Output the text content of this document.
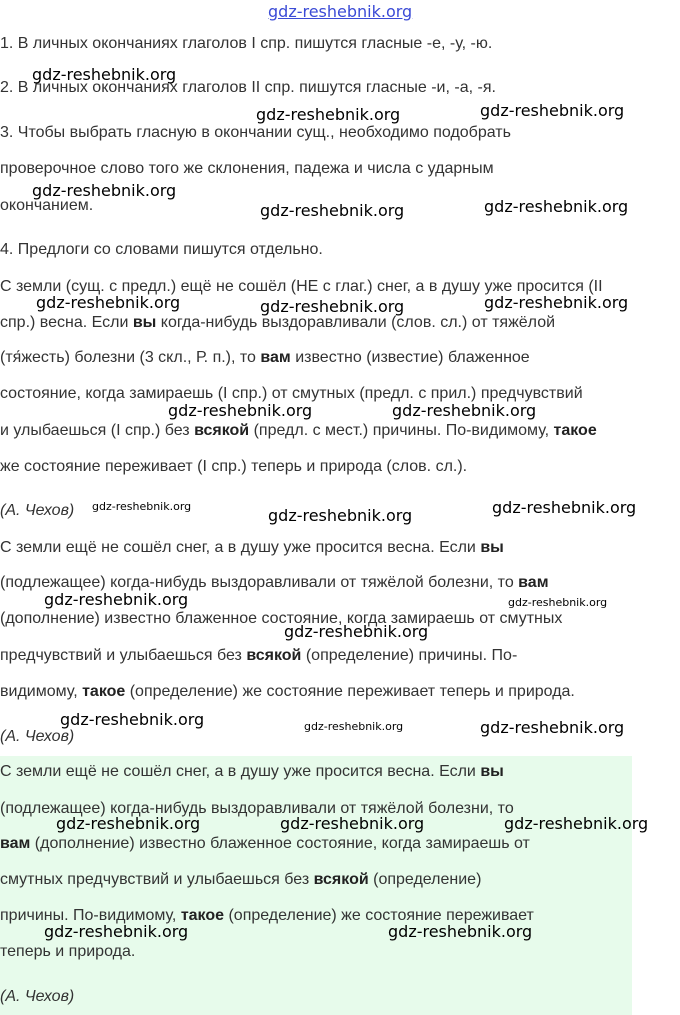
gdz-reshebnik.org
1. В личных окончаниях глаголов I спр. пишутся гласные -е, -у, -ю.
2. В личных окончаниях глаголов II спр. пишутся гласные -и, -а, -я.
3. Чтобы выбрать гласную в окончании сущ., необходимо подобрать
проверочное слово того же склонения, падежа и числа с ударным
окончанием.
4. Предлоги со словами пишутся отдельно.
С земли (сущ. с предл.) ещё не сошёл (НЕ с глаг.) снег, а в душу уже просится (II
спр.) весна. Если вы когда-нибудь выздоравливали (слов. сл.) от тяжёлой
(тя́жесть) болезни (3 скл., Р. п.), то вам известно (известие) блаженное
состояние, когда замираешь (I спр.) от смутных (предл. с прил.) предчувствий
и улыбаешься (I спр.) без всякой (предл. с мест.) причины. По-видимому, такое
же состояние переживает (I спр.) теперь и природа (слов. сл.).
(А. Чехов)
С земли ещё не сошёл снег, а в душу уже просится весна. Если вы
(подлежащее) когда-нибудь выздоравливали от тяжёлой болезни, то вам
(дополнение) известно блаженное состояние, когда замираешь от смутных
предчувствий и улыбаешься без всякой (определение) причины. По-
видимому, такое (определение) же состояние переживает теперь и природа.
(А. Чехов)
С земли ещё не сошёл снег, а в душу уже просится весна. Если вы
(подлежащее) когда-нибудь выздоравливали от тяжёлой болезни, то
вам (дополнение) известно блаженное состояние, когда замираешь от
смутных предчувствий и улыбаешься без всякой (определение)
причины. По-видимому, такое (определение) же состояние переживает
теперь и природа.
(А. Чехов)
gdz-reshebnik.org
gdz-reshebnik.org	gdz-reshebnik.org
gdz-reshebnik.org
gdz-reshebnik.org	gdz-reshebnik.org
gdz-reshebnik.org	gdz-reshebnik.org	gdz-reshebnik.org
gdz-reshebnik.org	gdz-reshebnik.org
gdz-reshebnik.org	gdz-reshebnik.org	gdz-reshebnik.org
gdz-reshebnik.org	gdz-reshebnik.org
gdz-reshebnik.org
gdz-reshebnik.org	gdz-reshebnik.org	gdz-reshebnik.org
gdz-reshebnik.org	gdz-reshebnik.org	gdz-reshebnik.org
gdz-reshebnik.org	gdz-reshebnik.org
